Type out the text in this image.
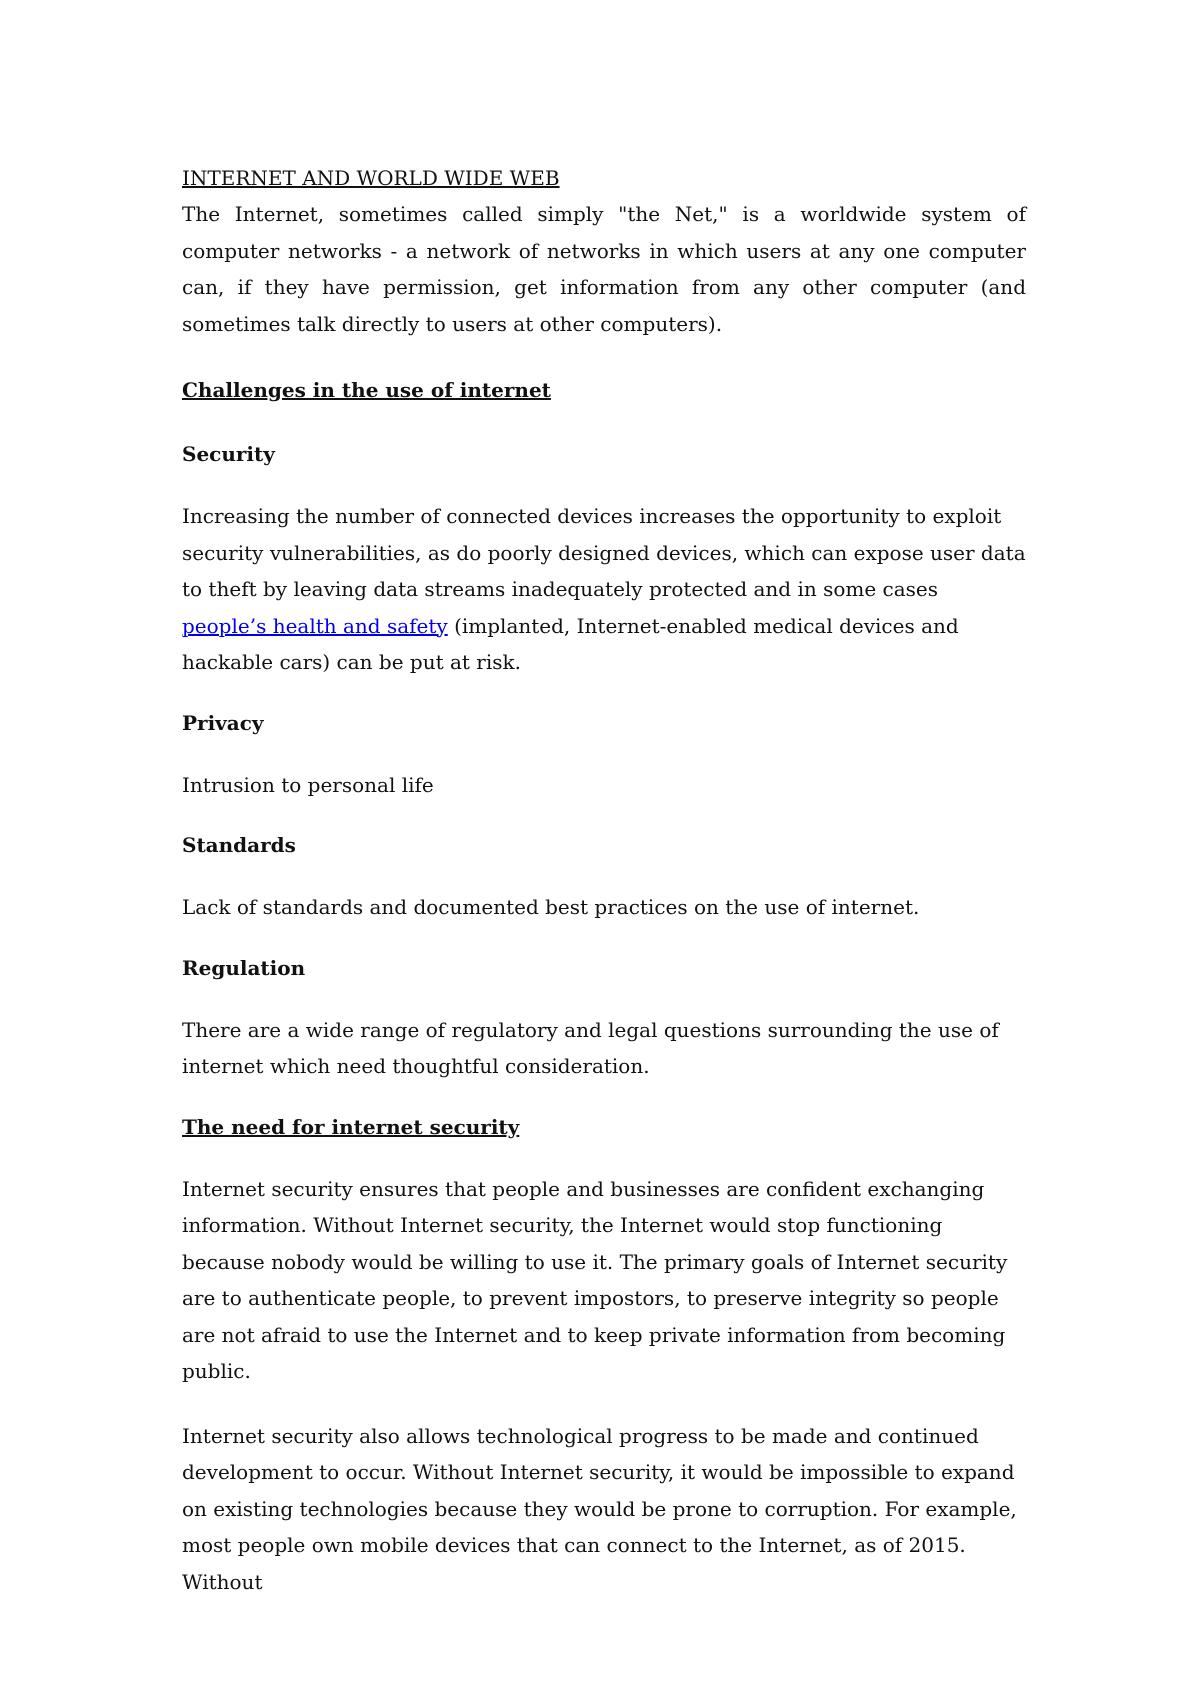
INTERNET AND WORLD WIDE WEB

The Internet, sometimes called simply "the Net," is a worldwide system of computer networks - a network of networks in which users at any one computer can, if they have permission, get information from any other computer (and sometimes talk directly to users at other computers).

Challenges in the use of internet

Security

Increasing the number of connected devices increases the opportunity to exploit security vulnerabilities, as do poorly designed devices, which can expose user data to theft by leaving data streams inadequately protected and in some cases people’s health and safety (implanted, Internet-enabled medical devices and hackable cars) can be put at risk.

Privacy

Intrusion to personal life

Standards

Lack of standards and documented best practices on the use of internet.

Regulation

There are a wide range of regulatory and legal questions surrounding the use of internet which need thoughtful consideration.

The need for internet security

Internet security ensures that people and businesses are confident exchanging information. Without Internet security, the Internet would stop functioning because nobody would be willing to use it. The primary goals of Internet security are to authenticate people, to prevent impostors, to preserve integrity so people are not afraid to use the Internet and to keep private information from becoming public.

Internet security also allows technological progress to be made and continued development to occur. Without Internet security, it would be impossible to expand on existing technologies because they would be prone to corruption. For example, most people own mobile devices that can connect to the Internet, as of 2015. Without
